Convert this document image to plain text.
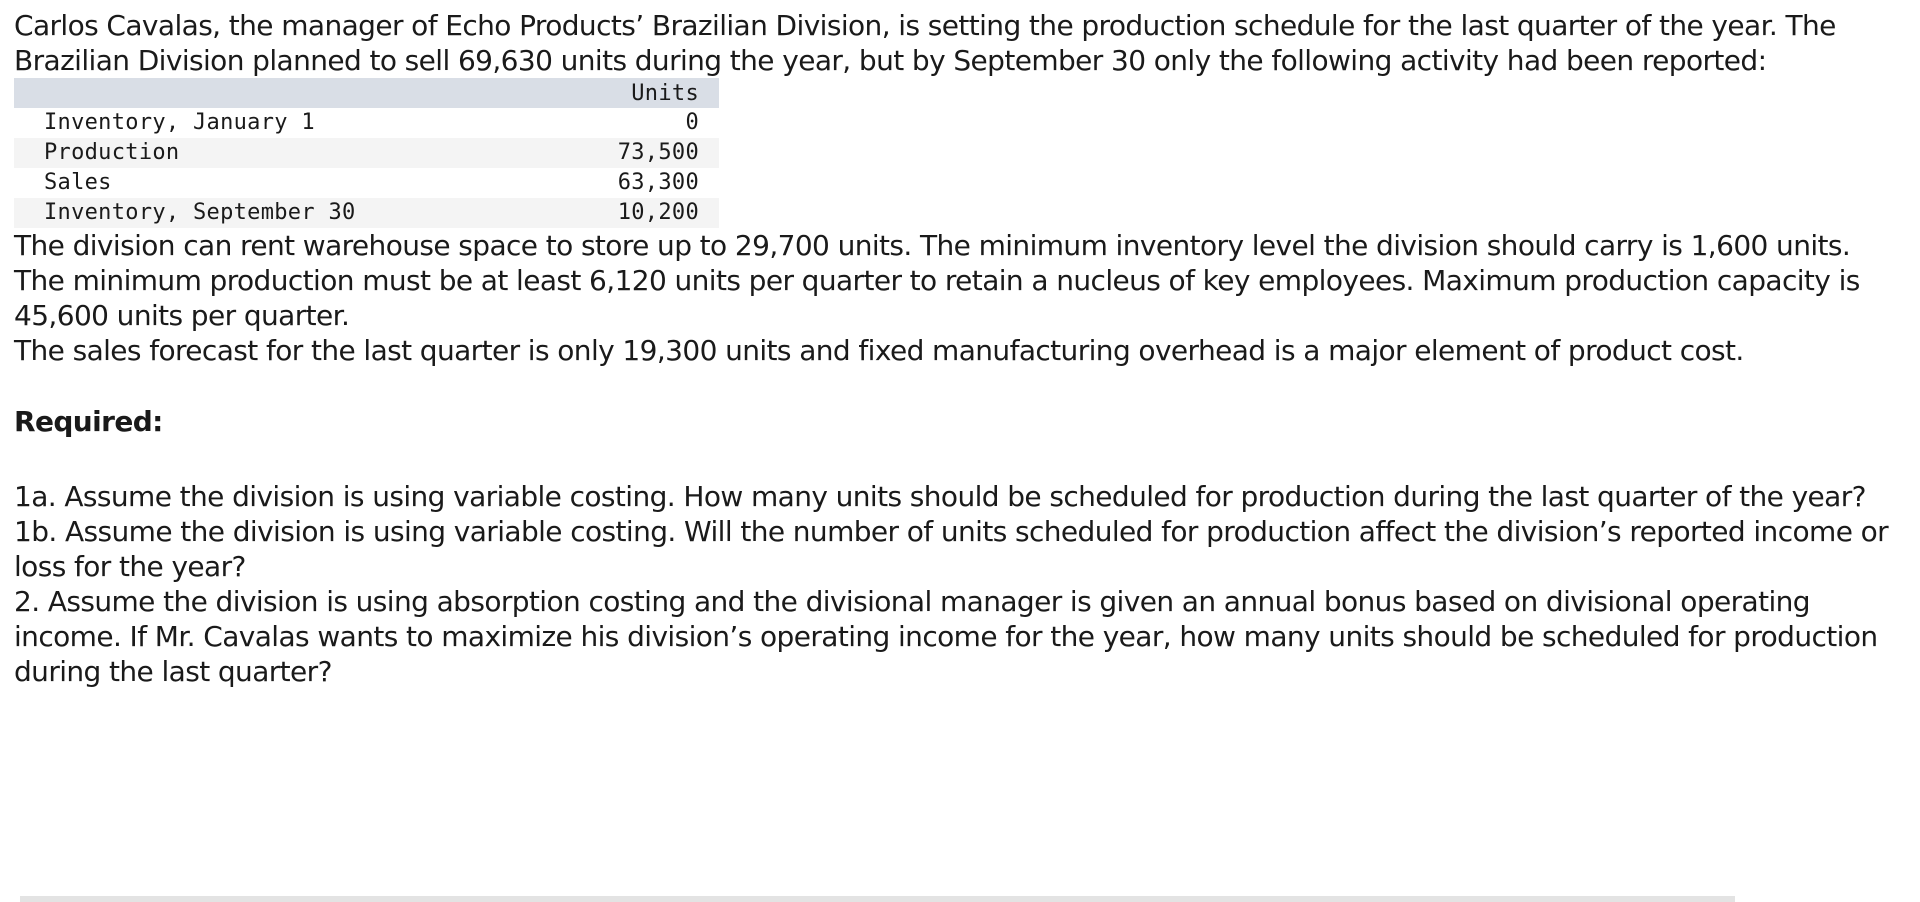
Carlos Cavalas, the manager of Echo Products’ Brazilian Division, is setting the production schedule for the last quarter of the year. The Brazilian Division planned to sell 69,630 units during the year, but by September 30 only the following activity had been reported:

	Units
Inventory, January 1	0
Production	73,500
Sales	63,300
Inventory, September 30	10,200

The division can rent warehouse space to store up to 29,700 units. The minimum inventory level the division should carry is 1,600 units. The minimum production must be at least 6,120 units per quarter to retain a nucleus of key employees. Maximum production capacity is 45,600 units per quarter.

The sales forecast for the last quarter is only 19,300 units and fixed manufacturing overhead is a major element of product cost.

Required:

1a. Assume the division is using variable costing. How many units should be scheduled for production during the last quarter of the year?

1b. Assume the division is using variable costing. Will the number of units scheduled for production affect the division’s reported income or loss for the year?

2. Assume the division is using absorption costing and the divisional manager is given an annual bonus based on divisional operating income. If Mr. Cavalas wants to maximize his division’s operating income for the year, how many units should be scheduled for production during the last quarter?
